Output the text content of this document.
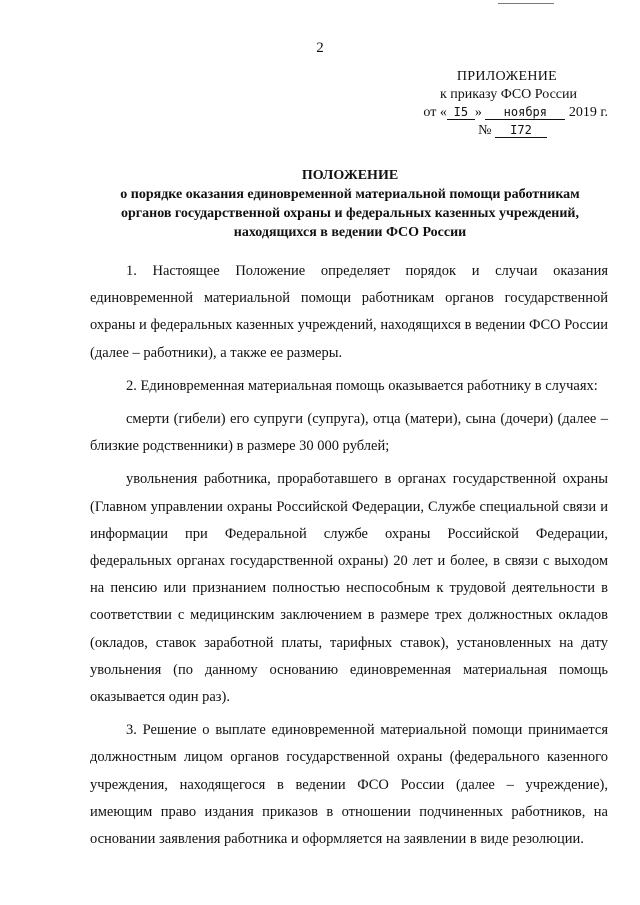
2
ПРИЛОЖЕНИЕ
к приказу ФСО России
от « I5 » ноября 2019 г.
№ I72
ПОЛОЖЕНИЕ
о порядке оказания единовременной материальной помощи работникам
органов государственной охраны и федеральных казенных учреждений,
находящихся в ведении ФСО России

1. Настоящее Положение определяет порядок и случаи оказания единовременной материальной помощи работникам органов государственной охраны и федеральных казенных учреждений, находящихся в ведении ФСО России (далее – работники), а также ее размеры.

2. Единовременная материальная помощь оказывается работнику в случаях:

смерти (гибели) его супруги (супруга), отца (матери), сына (дочери) (далее – близкие родственники) в размере 30 000 рублей;

увольнения работника, проработавшего в органах государственной охраны (Главном управлении охраны Российской Федерации, Службе специальной связи и информации при Федеральной службе охраны Российской Федерации, федеральных органах государственной охраны) 20 лет и более, в связи с выходом на пенсию или признанием полностью неспособным к трудовой деятельности в соответствии с медицинским заключением в размере трех должностных окладов (окладов, ставок заработной платы, тарифных ставок), установленных на дату увольнения (по данному основанию единовременная материальная помощь оказывается один раз).

3. Решение о выплате единовременной материальной помощи принимается должностным лицом органов государственной охраны (федерального казенного учреждения, находящегося в ведении ФСО России (далее – учреждение), имеющим право издания приказов в отношении подчиненных работников, на основании заявления работника и оформляется на заявлении в виде резолюции.
